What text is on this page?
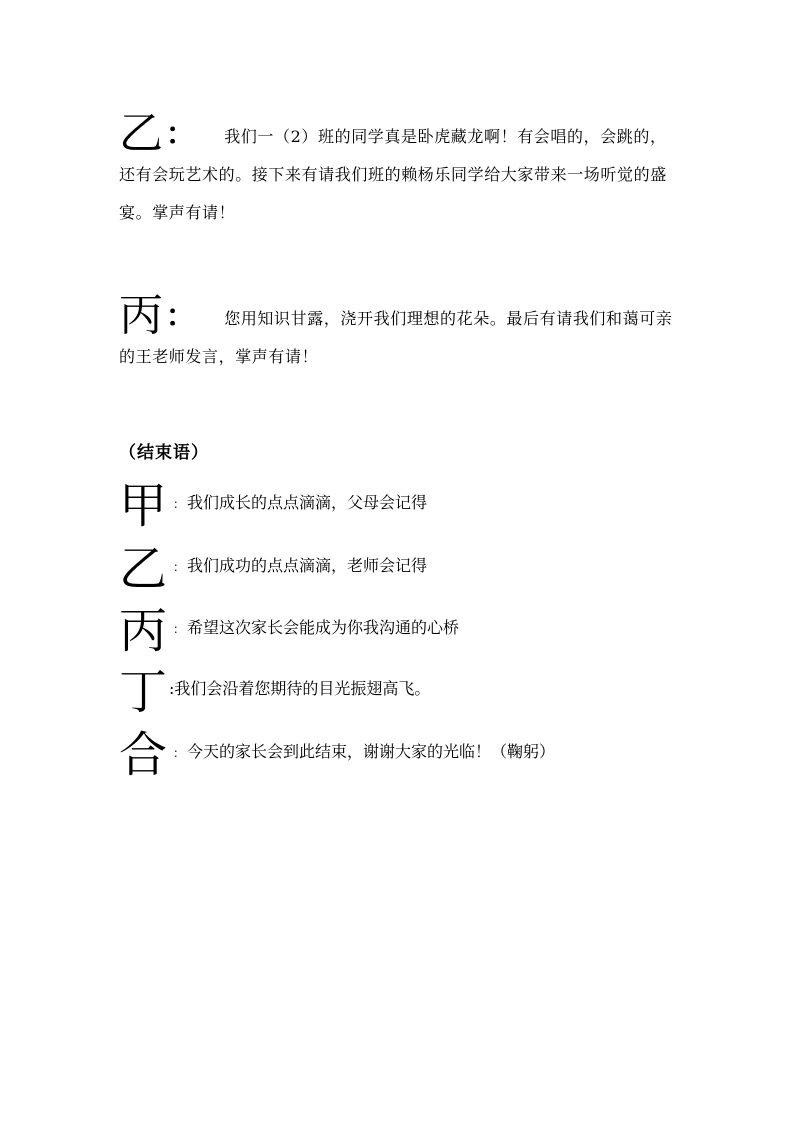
乙： 我们一（2）班的同学真是卧虎藏龙啊！有会唱的，会跳的，还有会玩艺术的。接下来有请我们班的赖杨乐同学给大家带来一场听觉的盛宴。掌声有请！
丙： 您用知识甘露，浇开我们理想的花朵。最后有请我们和蔼可亲的王老师发言，掌声有请！
（结束语）
甲 ： 我们成长的点点滴滴，父母会记得
乙 ： 我们成功的点点滴滴，老师会记得
丙 ： 希望这次家长会能成为你我沟通的心桥
丁 :我们会沿着您期待的目光振翅高飞。
合 ： 今天的家长会到此结束，谢谢大家的光临！（鞠躬）
